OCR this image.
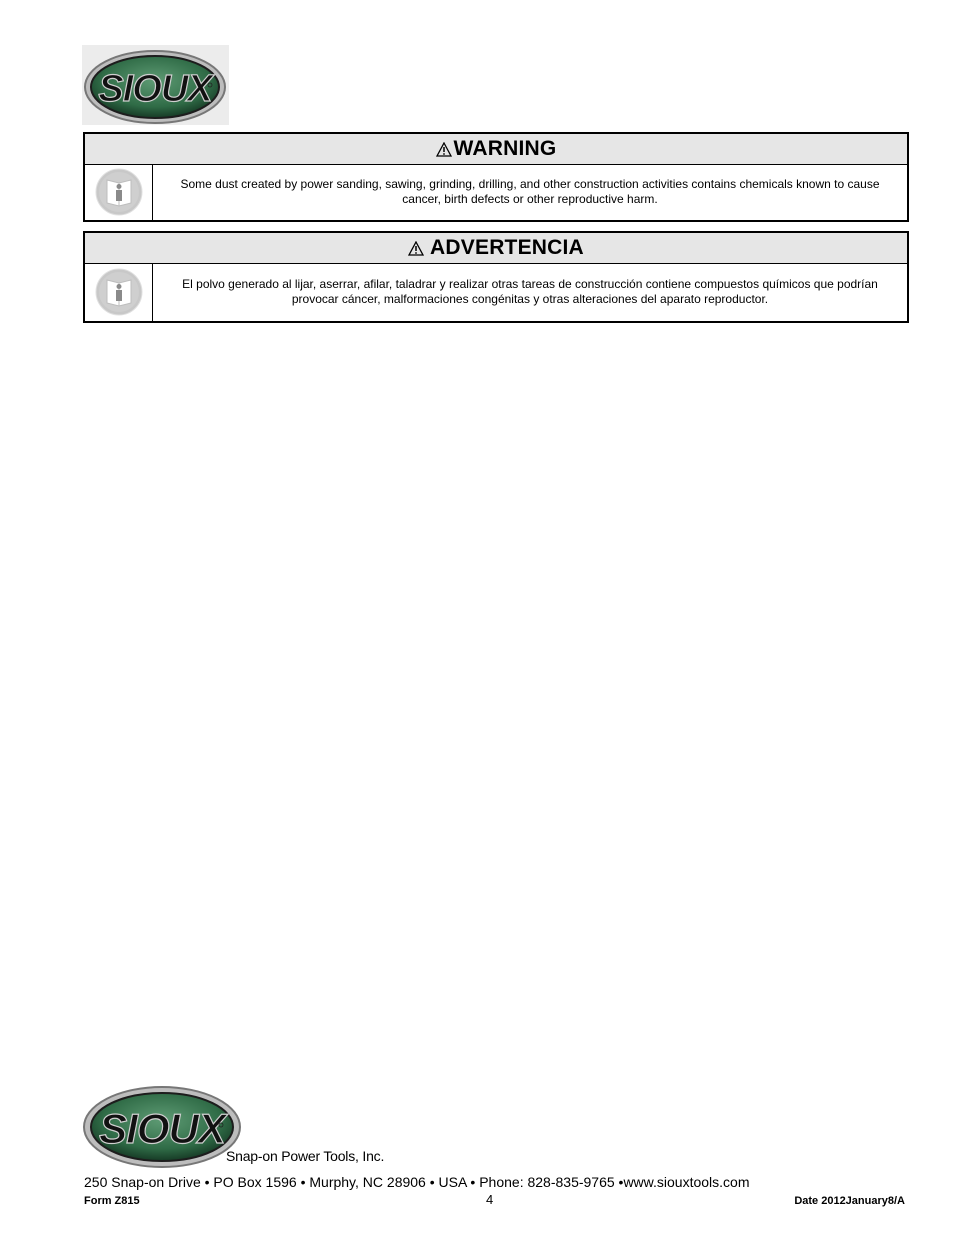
SIOUX
WARNING
Some dust created by power sanding, sawing, grinding, drilling, and other construction activities contains chemicals known to cause cancer, birth defects or other reproductive harm.
ADVERTENCIA
El polvo generado al lijar, aserrar, afilar, taladrar y realizar otras tareas de construcción contiene compuestos químicos que podrían provocar cáncer, malformaciones congénitas y otras alteraciones del aparato reproductor.
SIOUX
Snap-on Power Tools, Inc.
250 Snap-on Drive • PO Box 1596 • Murphy, NC 28906 • USA • Phone: 828-835-9765 •www.siouxtools.com
Form Z815	4	Date 2012January8/A
